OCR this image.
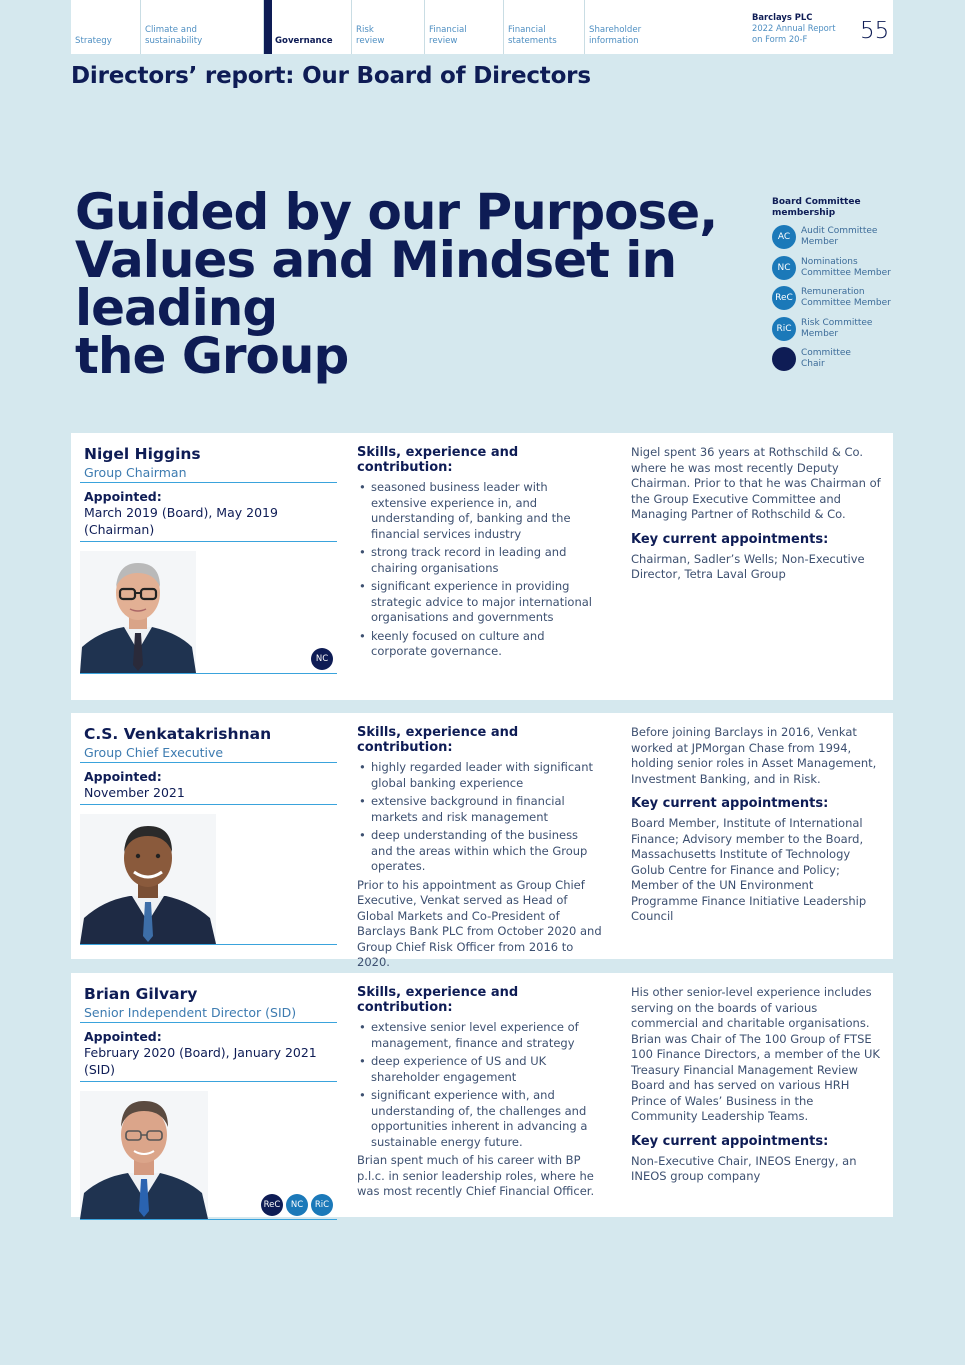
Strategy
Climate and
sustainability	Governance
Risk
review
Financial
review
Financial
statements
Shareholder
information
Barclays PLC
2022 Annual Report
on Form 20-F	55
Directors’ report: Our Board of Directors
Guided by our Purpose,
Values and Mindset in leading
the Group
Board Committee membership
AC
Audit Committee
Member
NC
Nominations
Committee Member
ReC
Remuneration
Committee Member
RiC
Risk Committee
Member
Committee
Chair
Nigel Higgins
Group Chairman
Appointed:
March 2019 (Board), May 2019
(Chairman)
NC
Skills, experience and contribution:
• seasoned business leader with extensive experience in, and understanding of, banking and the financial services industry
• strong track record in leading and chairing organisations
• significant experience in providing strategic advice to major international organisations and governments
• keenly focused on culture and corporate governance.
Nigel spent 36 years at Rothschild & Co. where he was most recently Deputy Chairman. Prior to that he was Chairman of the Group Executive Committee and Managing Partner of Rothschild & Co.
Key current appointments:
Chairman, Sadler’s Wells; Non-Executive Director, Tetra Laval Group
C.S. Venkatakrishnan
Group Chief Executive
Appointed:
November 2021
Skills, experience and contribution:
• highly regarded leader with significant global banking experience
• extensive background in financial markets and risk management
• deep understanding of the business and the areas within which the Group operates.
Prior to his appointment as Group Chief Executive, Venkat served as Head of Global Markets and Co-President of Barclays Bank PLC from October 2020 and Group Chief Risk Officer from 2016 to 2020.
Before joining Barclays in 2016, Venkat worked at JPMorgan Chase from 1994, holding senior roles in Asset Management, Investment Banking, and in Risk.
Key current appointments:
Board Member, Institute of International Finance; Advisory member to the Board, Massachusetts Institute of Technology Golub Centre for Finance and Policy; Member of the UN Environment Programme Finance Initiative Leadership Council
Brian Gilvary
Senior Independent Director (SID)
Appointed:
February 2020 (Board), January 2021 (SID)
ReC	NC	RiC
Skills, experience and contribution:
• extensive senior level experience of management, finance and strategy
• deep experience of US and UK shareholder engagement
• significant experience with, and understanding of, the challenges and opportunities inherent in advancing a sustainable energy future.
Brian spent much of his career with BP p.l.c. in senior leadership roles, where he was most recently Chief Financial Officer.
His other senior-level experience includes serving on the boards of various commercial and charitable organisations. Brian was Chair of The 100 Group of FTSE 100 Finance Directors, a member of the UK Treasury Financial Management Review Board and has served on various HRH Prince of Wales’ Business in the Community Leadership Teams.
Key current appointments:
Non-Executive Chair, INEOS Energy, an INEOS group company
